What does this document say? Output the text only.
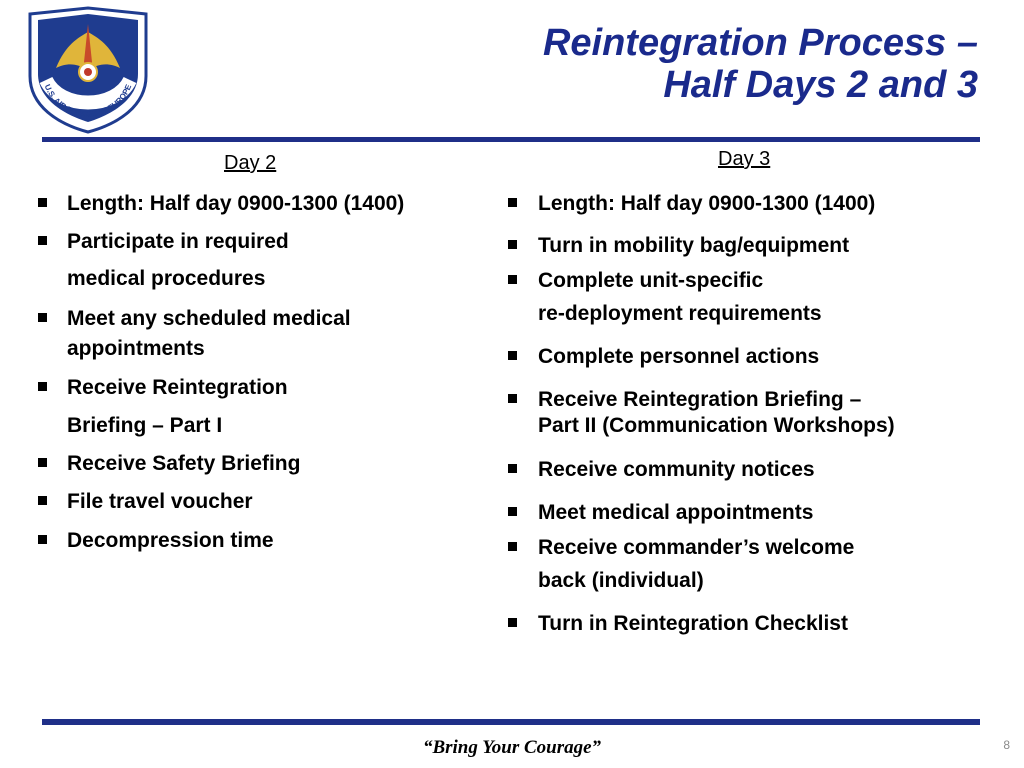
U.S. AIR FORCES IN EUROPE
Reintegration Process –
Half Days 2 and 3
Day 2
Length: Half day 0900-1300 (1400)
Participate in required
medical procedures
Meet any scheduled medical
appointments
Receive Reintegration
Briefing – Part I
Receive Safety Briefing
File travel voucher
Decompression time
Day 3
Length: Half day 0900-1300 (1400)
Turn in mobility bag/equipment
Complete unit-specific
re-deployment requirements
Complete personnel actions
Receive Reintegration Briefing –
Part II (Communication Workshops)
Receive community notices
Meet medical appointments
Receive commander’s welcome
back (individual)
Turn in Reintegration Checklist
“Bring Your Courage”	8
